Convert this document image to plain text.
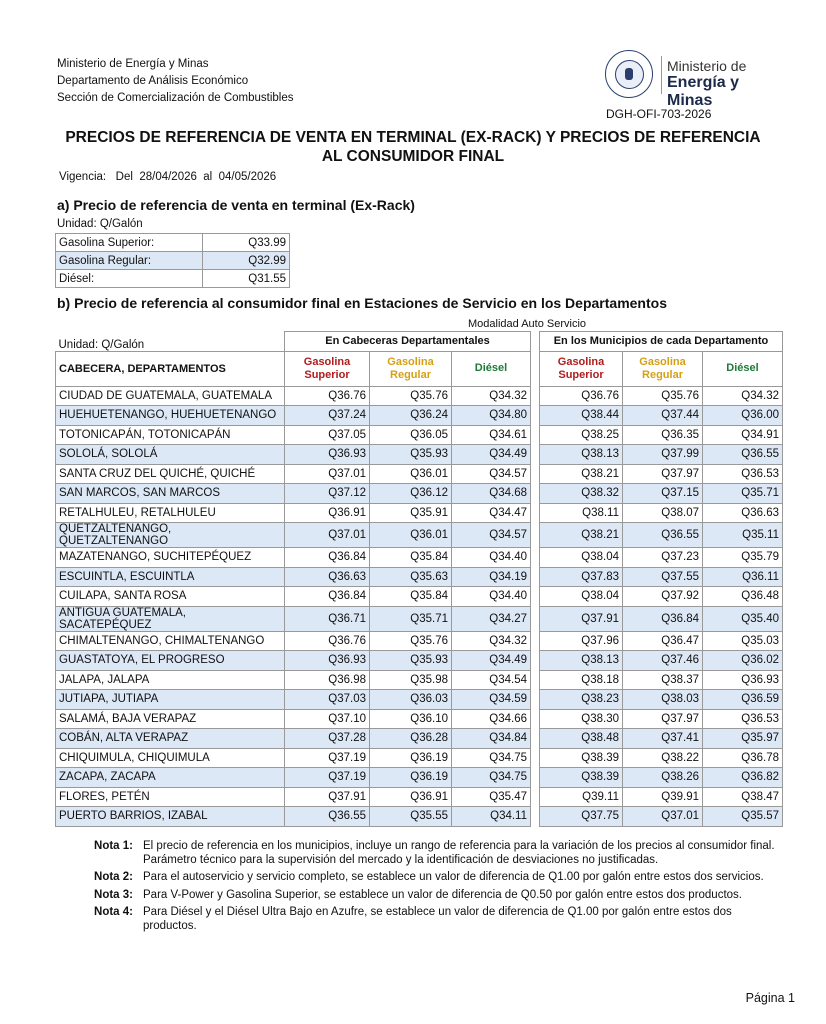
Ministerio de Energía y Minas
Departamento de Análisis Económico
Sección de Comercialización de Combustibles
Ministerio de
Energía y Minas
DGH-OFI-703-2026
PRECIOS DE REFERENCIA DE VENTA EN TERMINAL (EX-RACK) Y PRECIOS DE REFERENCIA AL CONSUMIDOR FINAL
Vigencia:   Del  28/04/2026  al  04/05/2026
a) Precio de referencia de venta en terminal (Ex-Rack)
Unidad: Q/Galón
Gasolina Superior:	Q33.99
Gasolina Regular:	Q32.99
Diésel:	Q31.55
b) Precio de referencia al consumidor final en Estaciones de Servicio en los Departamentos
Modalidad Auto Servicio
Unidad: Q/Galón	En Cabeceras Departamentales				En los Municipios de cada Departamento		
CABECERA, DEPARTAMENTOS	Gasolina Superior	Gasolina Regular	Diésel		Gasolina Superior	Gasolina Regular	Diésel
CIUDAD DE GUATEMALA, GUATEMALA	Q36.76	Q35.76	Q34.32		Q36.76	Q35.76	Q34.32
HUEHUETENANGO, HUEHUETENANGO	Q37.24	Q36.24	Q34.80		Q38.44	Q37.44	Q36.00
TOTONICAPÁN, TOTONICAPÁN	Q37.05	Q36.05	Q34.61		Q38.25	Q36.35	Q34.91
SOLOLÁ, SOLOLÁ	Q36.93	Q35.93	Q34.49		Q38.13	Q37.99	Q36.55
SANTA CRUZ DEL QUICHÉ, QUICHÉ	Q37.01	Q36.01	Q34.57		Q38.21	Q37.97	Q36.53
SAN MARCOS, SAN MARCOS	Q37.12	Q36.12	Q34.68		Q38.32	Q37.15	Q35.71
RETALHULEU, RETALHULEU	Q36.91	Q35.91	Q34.47		Q38.11	Q38.07	Q36.63
QUETZALTENANGO, QUETZALTENANGO	Q37.01	Q36.01	Q34.57		Q38.21	Q36.55	Q35.11
MAZATENANGO, SUCHITEPÉQUEZ	Q36.84	Q35.84	Q34.40		Q38.04	Q37.23	Q35.79
ESCUINTLA, ESCUINTLA	Q36.63	Q35.63	Q34.19		Q37.83	Q37.55	Q36.11
CUILAPA, SANTA ROSA	Q36.84	Q35.84	Q34.40		Q38.04	Q37.92	Q36.48
ANTIGUA GUATEMALA, SACATEPÉQUEZ	Q36.71	Q35.71	Q34.27		Q37.91	Q36.84	Q35.40
CHIMALTENANGO, CHIMALTENANGO	Q36.76	Q35.76	Q34.32		Q37.96	Q36.47	Q35.03
GUASTATOYA, EL PROGRESO	Q36.93	Q35.93	Q34.49		Q38.13	Q37.46	Q36.02
JALAPA, JALAPA	Q36.98	Q35.98	Q34.54		Q38.18	Q38.37	Q36.93
JUTIAPA, JUTIAPA	Q37.03	Q36.03	Q34.59		Q38.23	Q38.03	Q36.59
SALAMÁ, BAJA VERAPAZ	Q37.10	Q36.10	Q34.66		Q38.30	Q37.97	Q36.53
COBÁN, ALTA VERAPAZ	Q37.28	Q36.28	Q34.84		Q38.48	Q37.41	Q35.97
CHIQUIMULA, CHIQUIMULA	Q37.19	Q36.19	Q34.75		Q38.39	Q38.22	Q36.78
ZACAPA, ZACAPA	Q37.19	Q36.19	Q34.75		Q38.39	Q38.26	Q36.82
FLORES, PETÉN	Q37.91	Q36.91	Q35.47		Q39.11	Q39.91	Q38.47
PUERTO BARRIOS, IZABAL	Q36.55	Q35.55	Q34.11		Q37.75	Q37.01	Q35.57
Nota 1: El precio de referencia en los municipios, incluye un rango de referencia para la variación de los precios al consumidor final. Parámetro técnico para la supervisión del mercado y la identificación de desviaciones no justificadas.
Nota 2: Para el autoservicio y servicio completo, se establece un valor de diferencia de Q1.00 por galón entre estos dos servicios.
Nota 3: Para V-Power y Gasolina Superior, se establece un valor de diferencia de Q0.50 por galón entre estos dos productos.
Nota 4: Para Diésel y el Diésel Ultra Bajo en Azufre, se establece un valor de diferencia de Q1.00 por galón entre estos dos productos.
Página 1
